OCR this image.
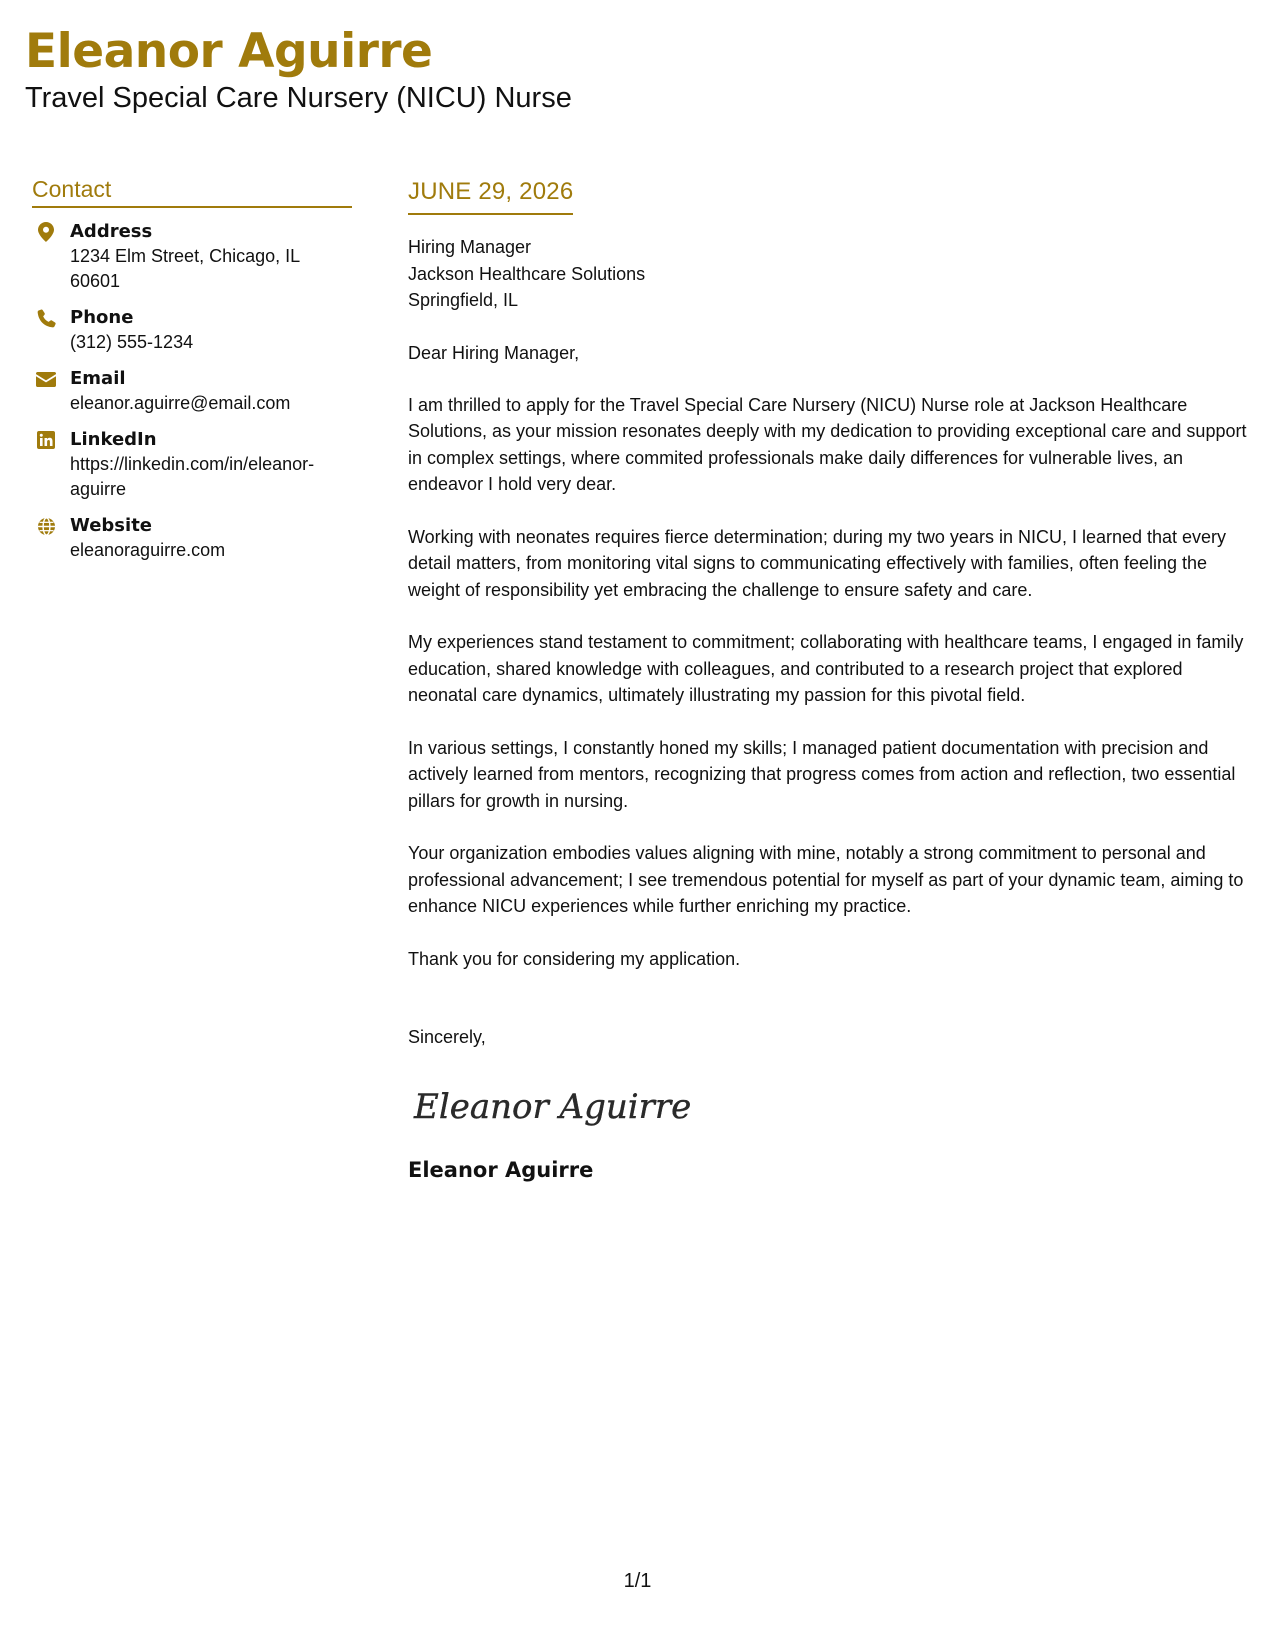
Eleanor Aguirre
Travel Special Care Nursery (NICU) Nurse
Contact
Address
1234 Elm Street, Chicago, IL 60601
Phone
(312) 555-1234
Email
eleanor.aguirre@email.com
LinkedIn
https://linkedin.com/in/eleanor-aguirre
Website
eleanoraguirre.com
JUNE 29, 2026
Hiring Manager
Jackson Healthcare Solutions
Springfield, IL
Dear Hiring Manager,
I am thrilled to apply for the Travel Special Care Nursery (NICU) Nurse role at Jackson Healthcare Solutions, as your mission resonates deeply with my dedication to providing exceptional care and support in complex settings, where commited professionals make daily differences for vulnerable lives, an endeavor I hold very dear.
Working with neonates requires fierce determination; during my two years in NICU, I learned that every detail matters, from monitoring vital signs to communicating effectively with families, often feeling the weight of responsibility yet embracing the challenge to ensure safety and care.
My experiences stand testament to commitment; collaborating with healthcare teams, I engaged in family education, shared knowledge with colleagues, and contributed to a research project that explored neonatal care dynamics, ultimately illustrating my passion for this pivotal field.
In various settings, I constantly honed my skills; I managed patient documentation with precision and actively learned from mentors, recognizing that progress comes from action and reflection, two essential pillars for growth in nursing.
Your organization embodies values aligning with mine, notably a strong commitment to personal and professional advancement; I see tremendous potential for myself as part of your dynamic team, aiming to enhance NICU experiences while further enriching my practice.
Thank you for considering my application.
Sincerely,
Eleanor Aguirre
Eleanor Aguirre
1/1
